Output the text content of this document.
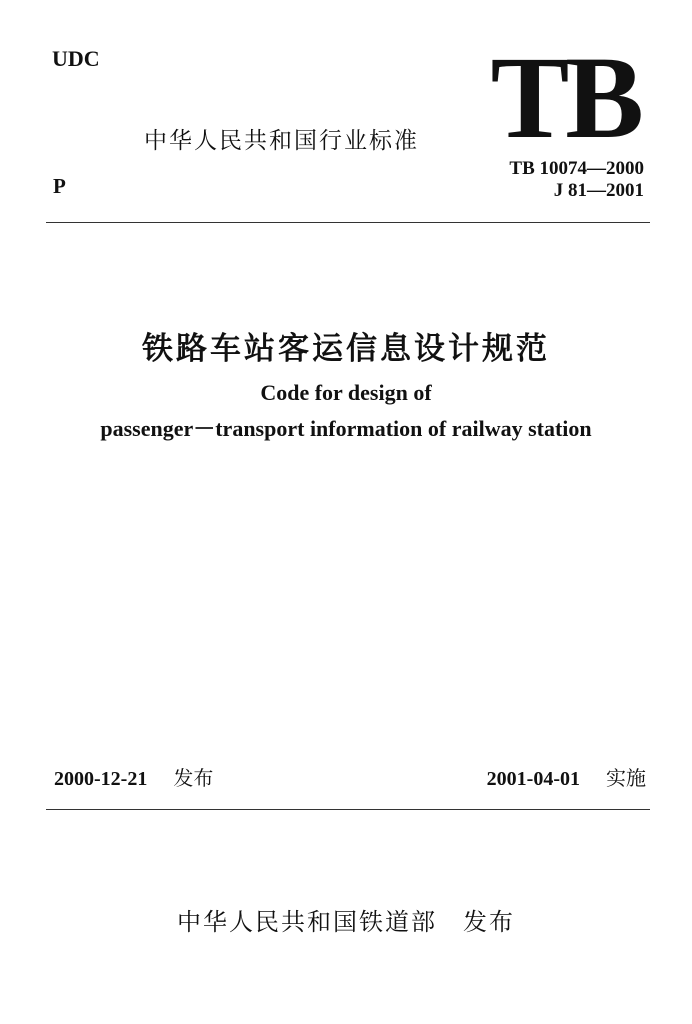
UDC
P
中华人民共和国行业标准 TB
TB 10074—2000
J 81—2001
铁路车站客运信息设计规范
Code for design of
passenger－transport information of railway station
2000-12-21 发布	2001-04-01 实施
中华人民共和国铁道部 发布
